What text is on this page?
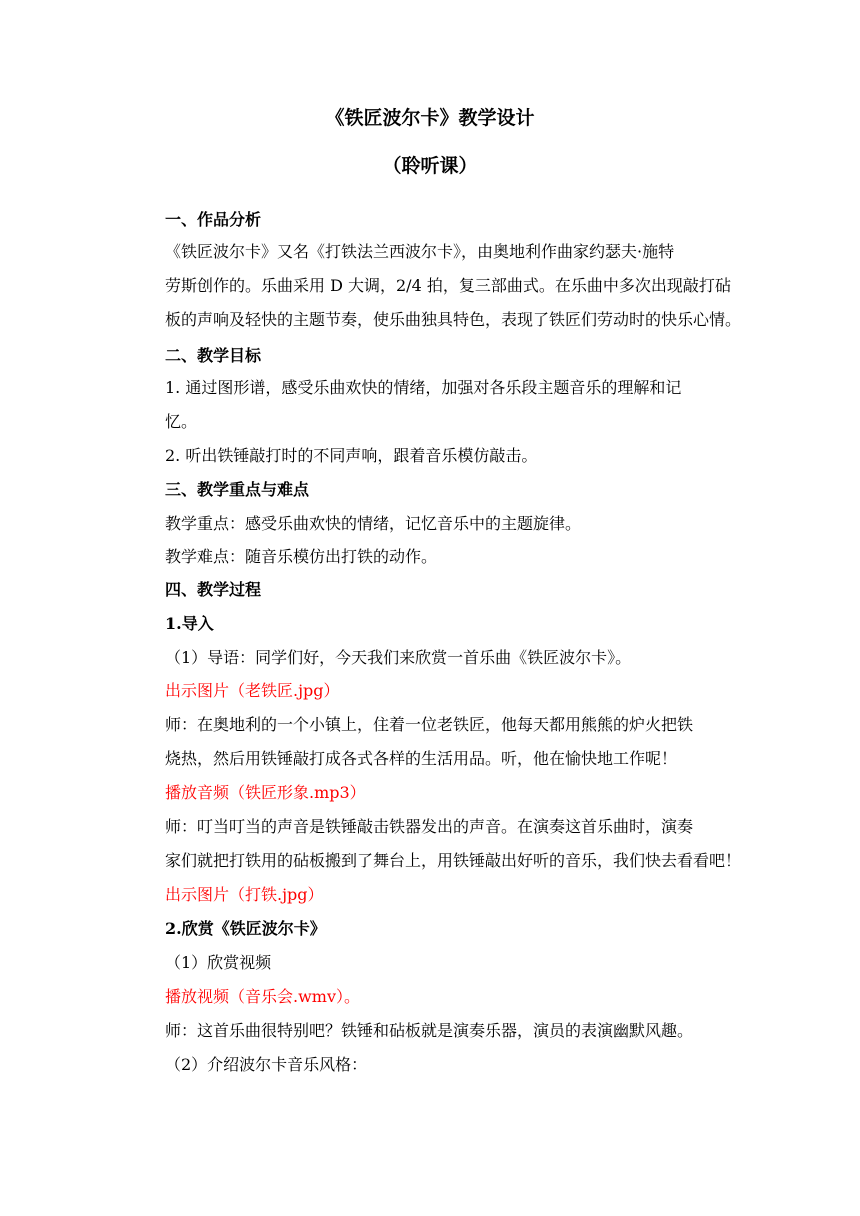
《铁匠波尔卡》教学设计

（聆听课）

一、作品分析

《铁匠波尔卡》又名《打铁法兰西波尔卡》，由奥地利作曲家约瑟夫·施特

劳斯创作的。乐曲采用 D 大调，2/4 拍，复三部曲式。在乐曲中多次出现敲打砧

板的声响及轻快的主题节奏，使乐曲独具特色，表现了铁匠们劳动时的快乐心情。

二、教学目标

1. 通过图形谱，感受乐曲欢快的情绪，加强对各乐段主题音乐的理解和记

忆。

2. 听出铁锤敲打时的不同声响，跟着音乐模仿敲击。

三、教学重点与难点

教学重点：感受乐曲欢快的情绪，记忆音乐中的主题旋律。

教学难点：随音乐模仿出打铁的动作。

四、教学过程

1.导入

（1）导语：同学们好，今天我们来欣赏一首乐曲《铁匠波尔卡》。

出示图片（老铁匠.jpg）

师：在奥地利的一个小镇上，住着一位老铁匠，他每天都用熊熊的炉火把铁

烧热，然后用铁锤敲打成各式各样的生活用品。听，他在愉快地工作呢！

播放音频（铁匠形象.mp3）

师：叮当叮当的声音是铁锤敲击铁器发出的声音。在演奏这首乐曲时，演奏

家们就把打铁用的砧板搬到了舞台上，用铁锤敲出好听的音乐，我们快去看看吧！

出示图片（打铁.jpg）

2.欣赏《铁匠波尔卡》

（1）欣赏视频

播放视频（音乐会.wmv）。

师：这首乐曲很特别吧？铁锤和砧板就是演奏乐器，演员的表演幽默风趣。

（2）介绍波尔卡音乐风格：
